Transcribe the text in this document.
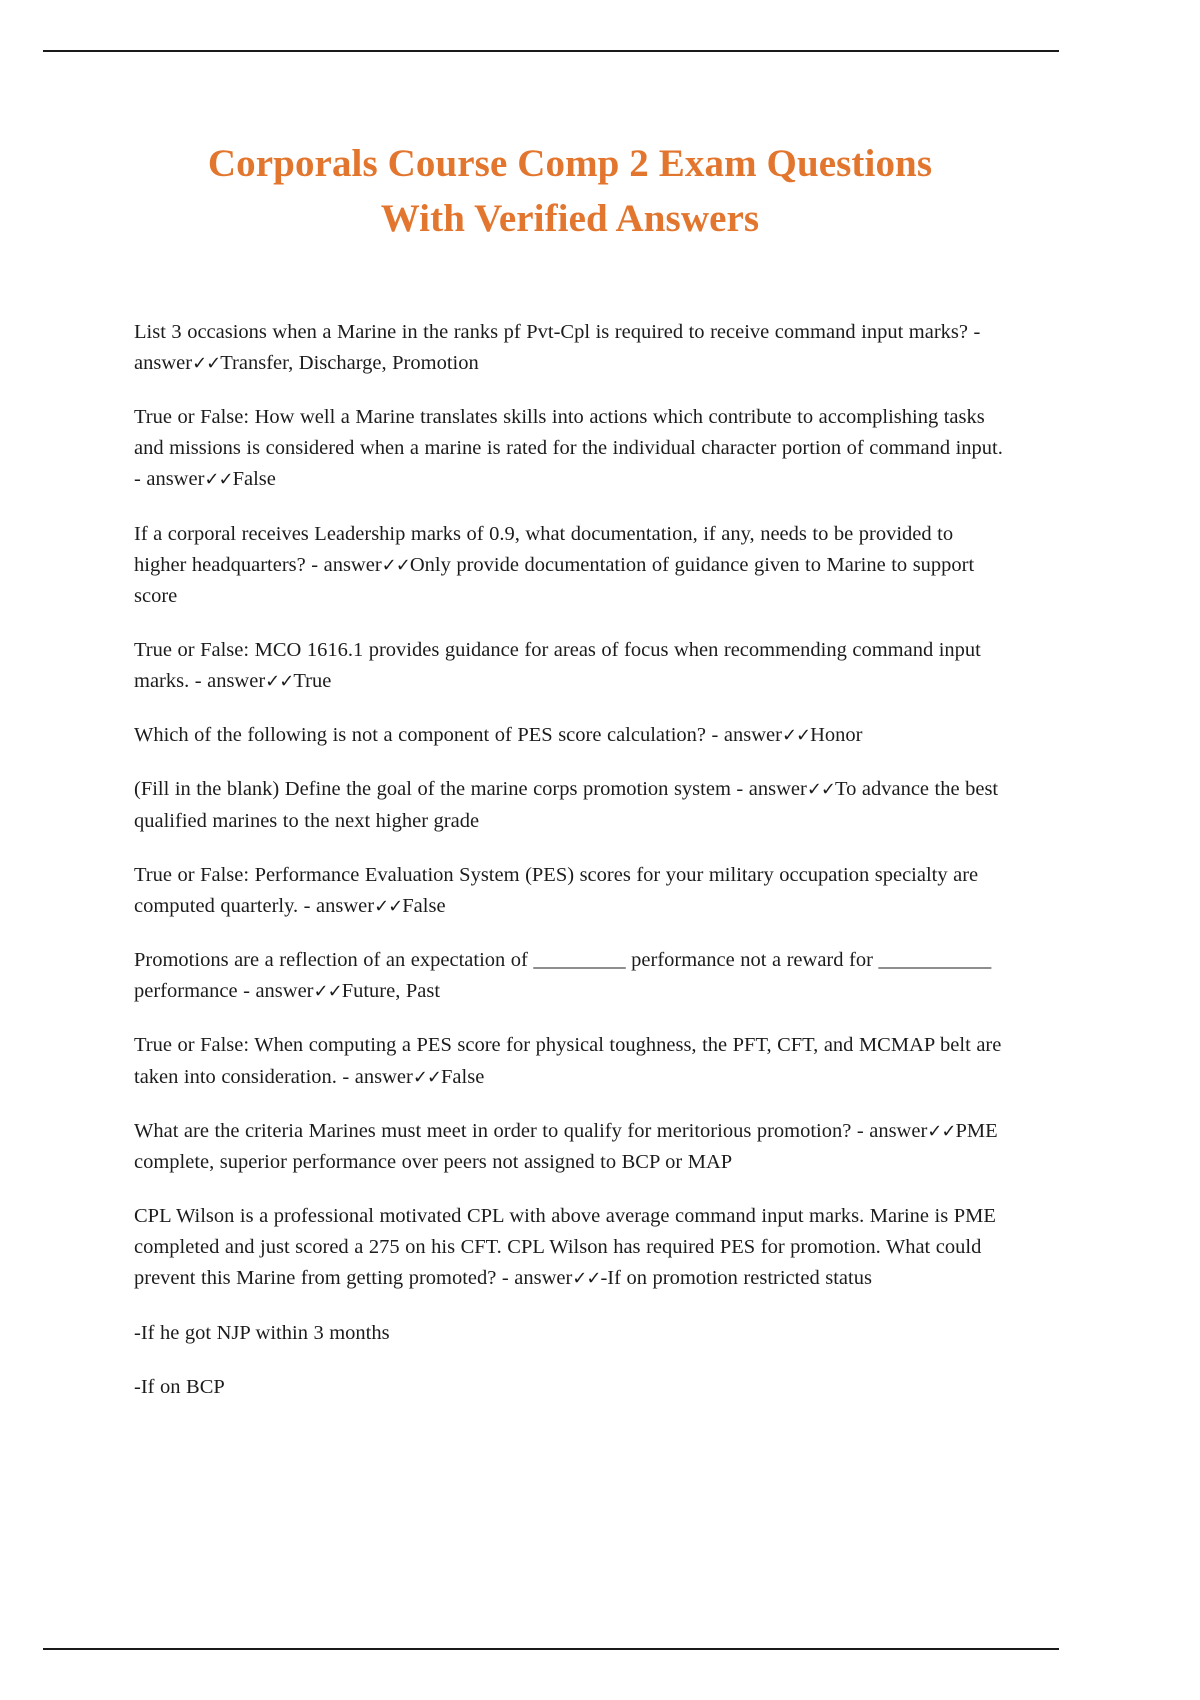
Corporals Course Comp 2 Exam Questions
With Verified Answers

List 3 occasions when a Marine in the ranks pf Pvt-Cpl is required to receive command input marks? - answer✓✓Transfer, Discharge, Promotion

True or False: How well a Marine translates skills into actions which contribute to accomplishing tasks and missions is considered when a marine is rated for the individual character portion of command input. - answer✓✓False

If a corporal receives Leadership marks of 0.9, what documentation, if any, needs to be provided to higher headquarters? - answer✓✓Only provide documentation of guidance given to Marine to support score

True or False: MCO 1616.1 provides guidance for areas of focus when recommending command input marks. - answer✓✓True

Which of the following is not a component of PES score calculation? - answer✓✓Honor

(Fill in the blank) Define the goal of the marine corps promotion system - answer✓✓To advance the best qualified marines to the next higher grade

True or False: Performance Evaluation System (PES) scores for your military occupation specialty are computed quarterly. - answer✓✓False

Promotions are a reflection of an expectation of _________ performance not a reward for ___________ performance - answer✓✓Future, Past

True or False: When computing a PES score for physical toughness, the PFT, CFT, and MCMAP belt are taken into consideration. - answer✓✓False

What are the criteria Marines must meet in order to qualify for meritorious promotion? - answer✓✓PME complete, superior performance over peers not assigned to BCP or MAP

CPL Wilson is a professional motivated CPL with above average command input marks. Marine is PME completed and just scored a 275 on his CFT. CPL Wilson has required PES for promotion. What could prevent this Marine from getting promoted? - answer✓✓-If on promotion restricted status

-If he got NJP within 3 months

-If on BCP
